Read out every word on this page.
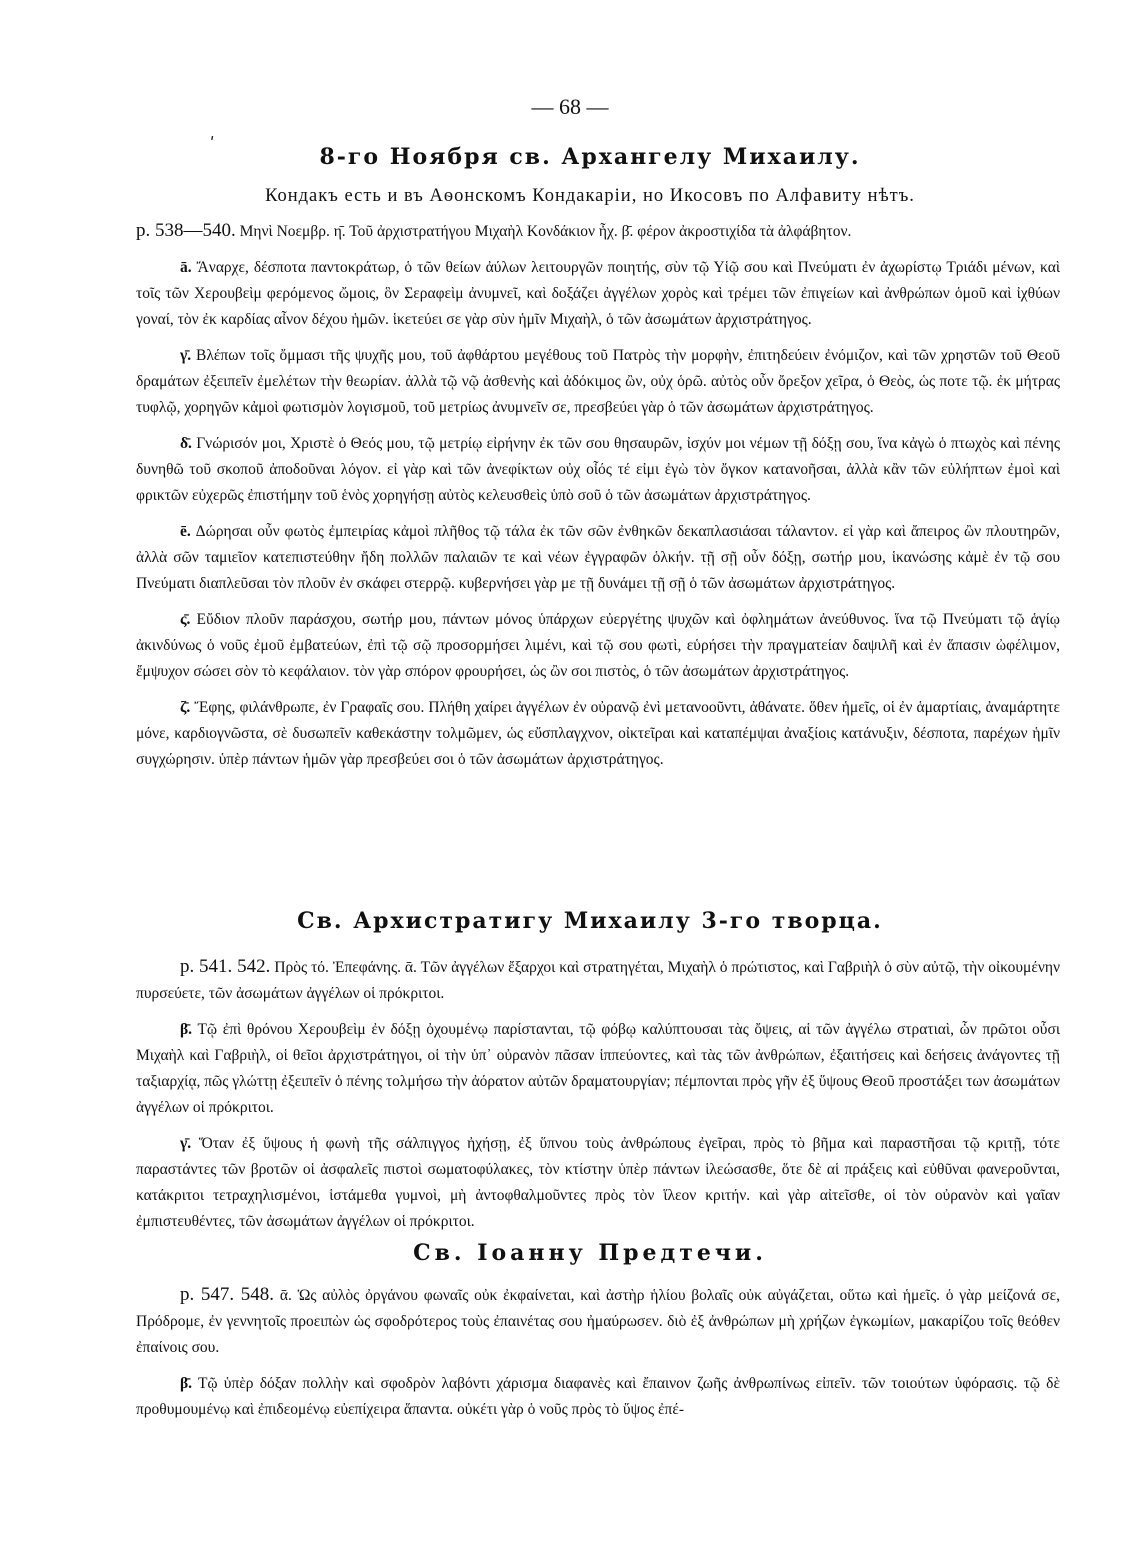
— 68 —
ʹ
8-го Ноября св. Архангелу Михаилу.
Кондакъ есть и въ Аѳонскомъ Кондакаріи, но Икосовъ по Алфавиту нѣтъ.

р. 538—540. Μηνὶ Νοεμβρ. η̄. Τοῦ ἀρχιστρατήγου Μιχαὴλ Κονδάκιον ἦχ. β̄. φέρον ἀκροστιχίδα τὰ ἀλφάβητον.

ā. Ἄναρχε, δέσποτα παντοκράτωρ, ὁ τῶν θείων ἀύλων λειτουργῶν ποιητής, σὺν τῷ Υἱῷ σου καὶ Πνεύματι ἐν ἀχωρίστῳ Τριάδι μένων, καὶ τοῖς τῶν Χερουβεὶμ φερόμενος ὤμοις, ὃν Σεραφεὶμ ἀνυμνεῖ, καὶ δοξάζει ἀγγέλων χορὸς καὶ τρέμει τῶν ἐπιγείων καὶ ἀνθρώπων ὁμοῦ καὶ ἰχθύων γοναί, τὸν ἐκ καρδίας αἶνον δέχου ἡμῶν. ἱκετεύει σε γὰρ σὺν ἡμῖν Μιχαὴλ, ὁ τῶν ἀσωμάτων ἀρχιστράτηγος.

γ̄. Βλέπων τοῖς ὄμμασι τῆς ψυχῆς μου, τοῦ ἀφθάρτου μεγέθους τοῦ Πατρὸς τὴν μορφὴν, ἐπιτηδεύειν ἐνόμιζον, καὶ τῶν χρηστῶν τοῦ Θεοῦ δραμάτων ἐξειπεῖν ἐμελέτων τὴν θεωρίαν. ἀλλὰ τῷ νῷ ἀσθενὴς καὶ ἀδόκιμος ὢν, οὐχ ὁρῶ. αὐτὸς οὖν ὄρεξον χεῖρα, ὁ Θεὸς, ὡς ποτε τῷ. ἐκ μήτρας τυφλῷ, χορηγῶν κἀμοὶ φωτισμὸν λογισμοῦ, τοῦ μετρίως ἀνυμνεῖν σε, πρεσβεύει γὰρ ὁ τῶν ἀσωμάτων ἀρχιστράτηγος.

δ̄. Γνώρισόν μοι, Χριστὲ ὁ Θεός μου, τῷ μετρίῳ εἰρήνην ἐκ τῶν σου θησαυρῶν, ἰσχύν μοι νέμων τῇ δόξῃ σου, ἵνα κἀγὼ ὁ πτωχὸς καὶ πένης δυνηθῶ τοῦ σκοποῦ ἀποδοῦναι λόγον. εἰ γὰρ καὶ τῶν ἀνεφίκτων οὐχ οἷός τέ εἰμι ἐγὼ τὸν ὄγκον κατανοῆσαι, ἀλλὰ κἂν τῶν εὐλήπτων ἐμοὶ καὶ φρικτῶν εὐχερῶς ἐπιστήμην τοῦ ἑνὸς χορηγήσῃ αὐτὸς κελευσθεὶς ὑπὸ σοῦ ὁ τῶν ἀσωμάτων ἀρχιστράτηγος.

ē. Δώρησαι οὖν φωτὸς ἐμπειρίας κἀμοὶ πλῆθος τῷ τάλα ἐκ τῶν σῶν ἐνθηκῶν δεκαπλασιάσαι τάλαντον. εἰ γὰρ καὶ ἄπειρος ὢν πλουτηρῶν, ἀλλὰ σῶν ταμιεῖον κατεπιστεύθην ἤδη πολλῶν παλαιῶν τε καὶ νέων ἐγγραφῶν ὁλκήν. τῇ σῇ οὖν δόξῃ, σωτήρ μου, ἱκανώσης κἀμὲ ἐν τῷ σου Πνεύματι διαπλεῦσαι τὸν πλοῦν ἐν σκάφει στερρῷ. κυβερνήσει γὰρ με τῇ δυνάμει τῇ σῇ ὁ τῶν ἀσωμάτων ἀρχιστράτηγος.

ς̄. Εὔδιον πλοῦν παράσχου, σωτήρ μου, πάντων μόνος ὑπάρχων εὐεργέτης ψυχῶν καὶ ὀφλημάτων ἀνεύθυνος. ἵνα τῷ Πνεύματι τῷ ἁγίῳ ἀκινδύνως ὁ νοῦς ἐμοῦ ἐμβατεύων, ἐπὶ τῷ σῷ προσορμήσει λιμένι, καὶ τῷ σου φωτὶ, εὑρήσει τὴν πραγματείαν δαψιλῆ καὶ ἐν ἅπασιν ὠφέλιμον, ἔμψυχον σώσει σὸν τὸ κεφάλαιον. τὸν γὰρ σπόρον φρουρήσει, ὡς ὢν σοι πιστὸς, ὁ τῶν ἀσωμάτων ἀρχιστράτηγος.

ζ̄. Ἔφης, φιλάνθρωπε, ἐν Γραφαῖς σου. Πλήθη χαίρει ἀγγέλων ἐν οὐρανῷ ἐνὶ μετανοοῦντι, ἀθάνατε. ὅθεν ἡμεῖς, οἱ ἐν ἁμαρτίαις, ἀναμάρτητε μόνε, καρδιογνῶστα, σὲ δυσωπεῖν καθεκάστην τολμῶμεν, ὡς εὔσπλαγχνον, οἰκτεῖραι καὶ καταπέμψαι ἀναξίοις κατάνυξιν, δέσποτα, παρέχων ἡμῖν συγχώρησιν. ὑπὲρ πάντων ἡμῶν γὰρ πρεσβεύει σοι ὁ τῶν ἀσωμάτων ἀρχιστράτηγος.

Св. Архистратигу Михаилу 3-го творца.

р. 541. 542. Πρὸς τό. Ἐπεφάνης. ᾱ. Τῶν ἀγγέλων ἔξαρχοι καὶ στρατηγέται, Μιχαὴλ ὁ πρώτιστος, καὶ Γαβριὴλ ὁ σὺν αὐτῷ, τὴν οἰκουμένην πυρσεύετε, τῶν ἀσωμάτων ἀγγέλων οἱ πρόκριτοι.

β̄. Τῷ ἐπὶ θρόνου Χερουβεὶμ ἐν δόξῃ ὀχουμένῳ παρίστανται, τῷ φόβῳ καλύπτουσαι τὰς ὄψεις, αἱ τῶν ἀγγέλω στρατιαὶ, ὧν πρῶτοι οὖσι Μιχαὴλ καὶ Γαβριὴλ, οἱ θεῖοι ἀρχιστράτηγοι, οἱ τὴν ὑπ᾿ οὐρανὸν πᾶσαν ἱππεύοντες, καὶ τὰς τῶν ἀνθρώπων, ἐξαιτήσεις καὶ δεήσεις ἀνάγοντες τῇ ταξιαρχίᾳ, πῶς γλώττῃ ἐξειπεῖν ὁ πένης τολμήσω τὴν ἀόρατον αὐτῶν δραματουργίαν; πέμπονται πρὸς γῆν ἐξ ὕψους Θεοῦ προστάξει των ἀσωμάτων ἀγγέλων οἱ πρόκριτοι.

γ̄. Ὅταν ἐξ ὕψους ἡ φωνὴ τῆς σάλπιγγος ἠχήσῃ, ἐξ ὕπνου τοὺς ἀνθρώπους ἐγεῖραι, πρὸς τὸ βῆμα καὶ παραστῆσαι τῷ κριτῇ, τότε παραστάντες τῶν βροτῶν οἱ ἀσφαλεῖς πιστοὶ σωματοφύλακες, τὸν κτίστην ὑπὲρ πάντων ἱλεώσασθε, ὅτε δὲ αἱ πράξεις καὶ εὐθῦναι φανεροῦνται, κατάκριτοι τετραχηλισμένοι, ἱστάμεθα γυμνοὶ, μὴ ἀντοφθαλμοῦντες πρὸς τὸν ἵλεον κριτήν. καὶ γὰρ αἰτεῖσθε, οἱ τὸν οὐρανὸν καὶ γαῖαν ἐμπιστευθέντες, τῶν ἀσωμάτων ἀγγέλων οἱ πρόκριτοι.

Св. Іоанну Предтечи.

р. 547. 548. ᾱ. Ὡς αὐλὸς ὀργάνου φωναῖς οὐκ ἐκφαίνεται, καὶ ἀστὴρ ἡλίου βολαῖς οὐκ αὐγάζεται, οὕτω καὶ ἡμεῖς. ὁ γὰρ μείζονά σε, Πρόδρομε, ἐν γεννητοῖς προειπὼν ὡς σφοδρότερος τοὺς ἐπαινέτας σου ἠμαύρωσεν. διὸ ἐξ ἀνθρώπων μὴ χρήζων ἐγκωμίων, μακαρίζου τοῖς θεόθεν ἐπαίνοις σου.

β̄. Τῷ ὑπὲρ δόξαν πολλὴν καὶ σφοδρὸν λαβόντι χάρισμα διαφανὲς καὶ ἔπαινον ζωῆς ἀνθρωπίνως εἰπεῖν. τῶν τοιούτων ὑφόρασις. τῷ δὲ προθυμουμένῳ καὶ ἐπιδεομένῳ εὐεπίχειρα ἅπαντα. οὐκέτι γὰρ ὁ νοῦς πρὸς τὸ ὕψος ἐπέ-
